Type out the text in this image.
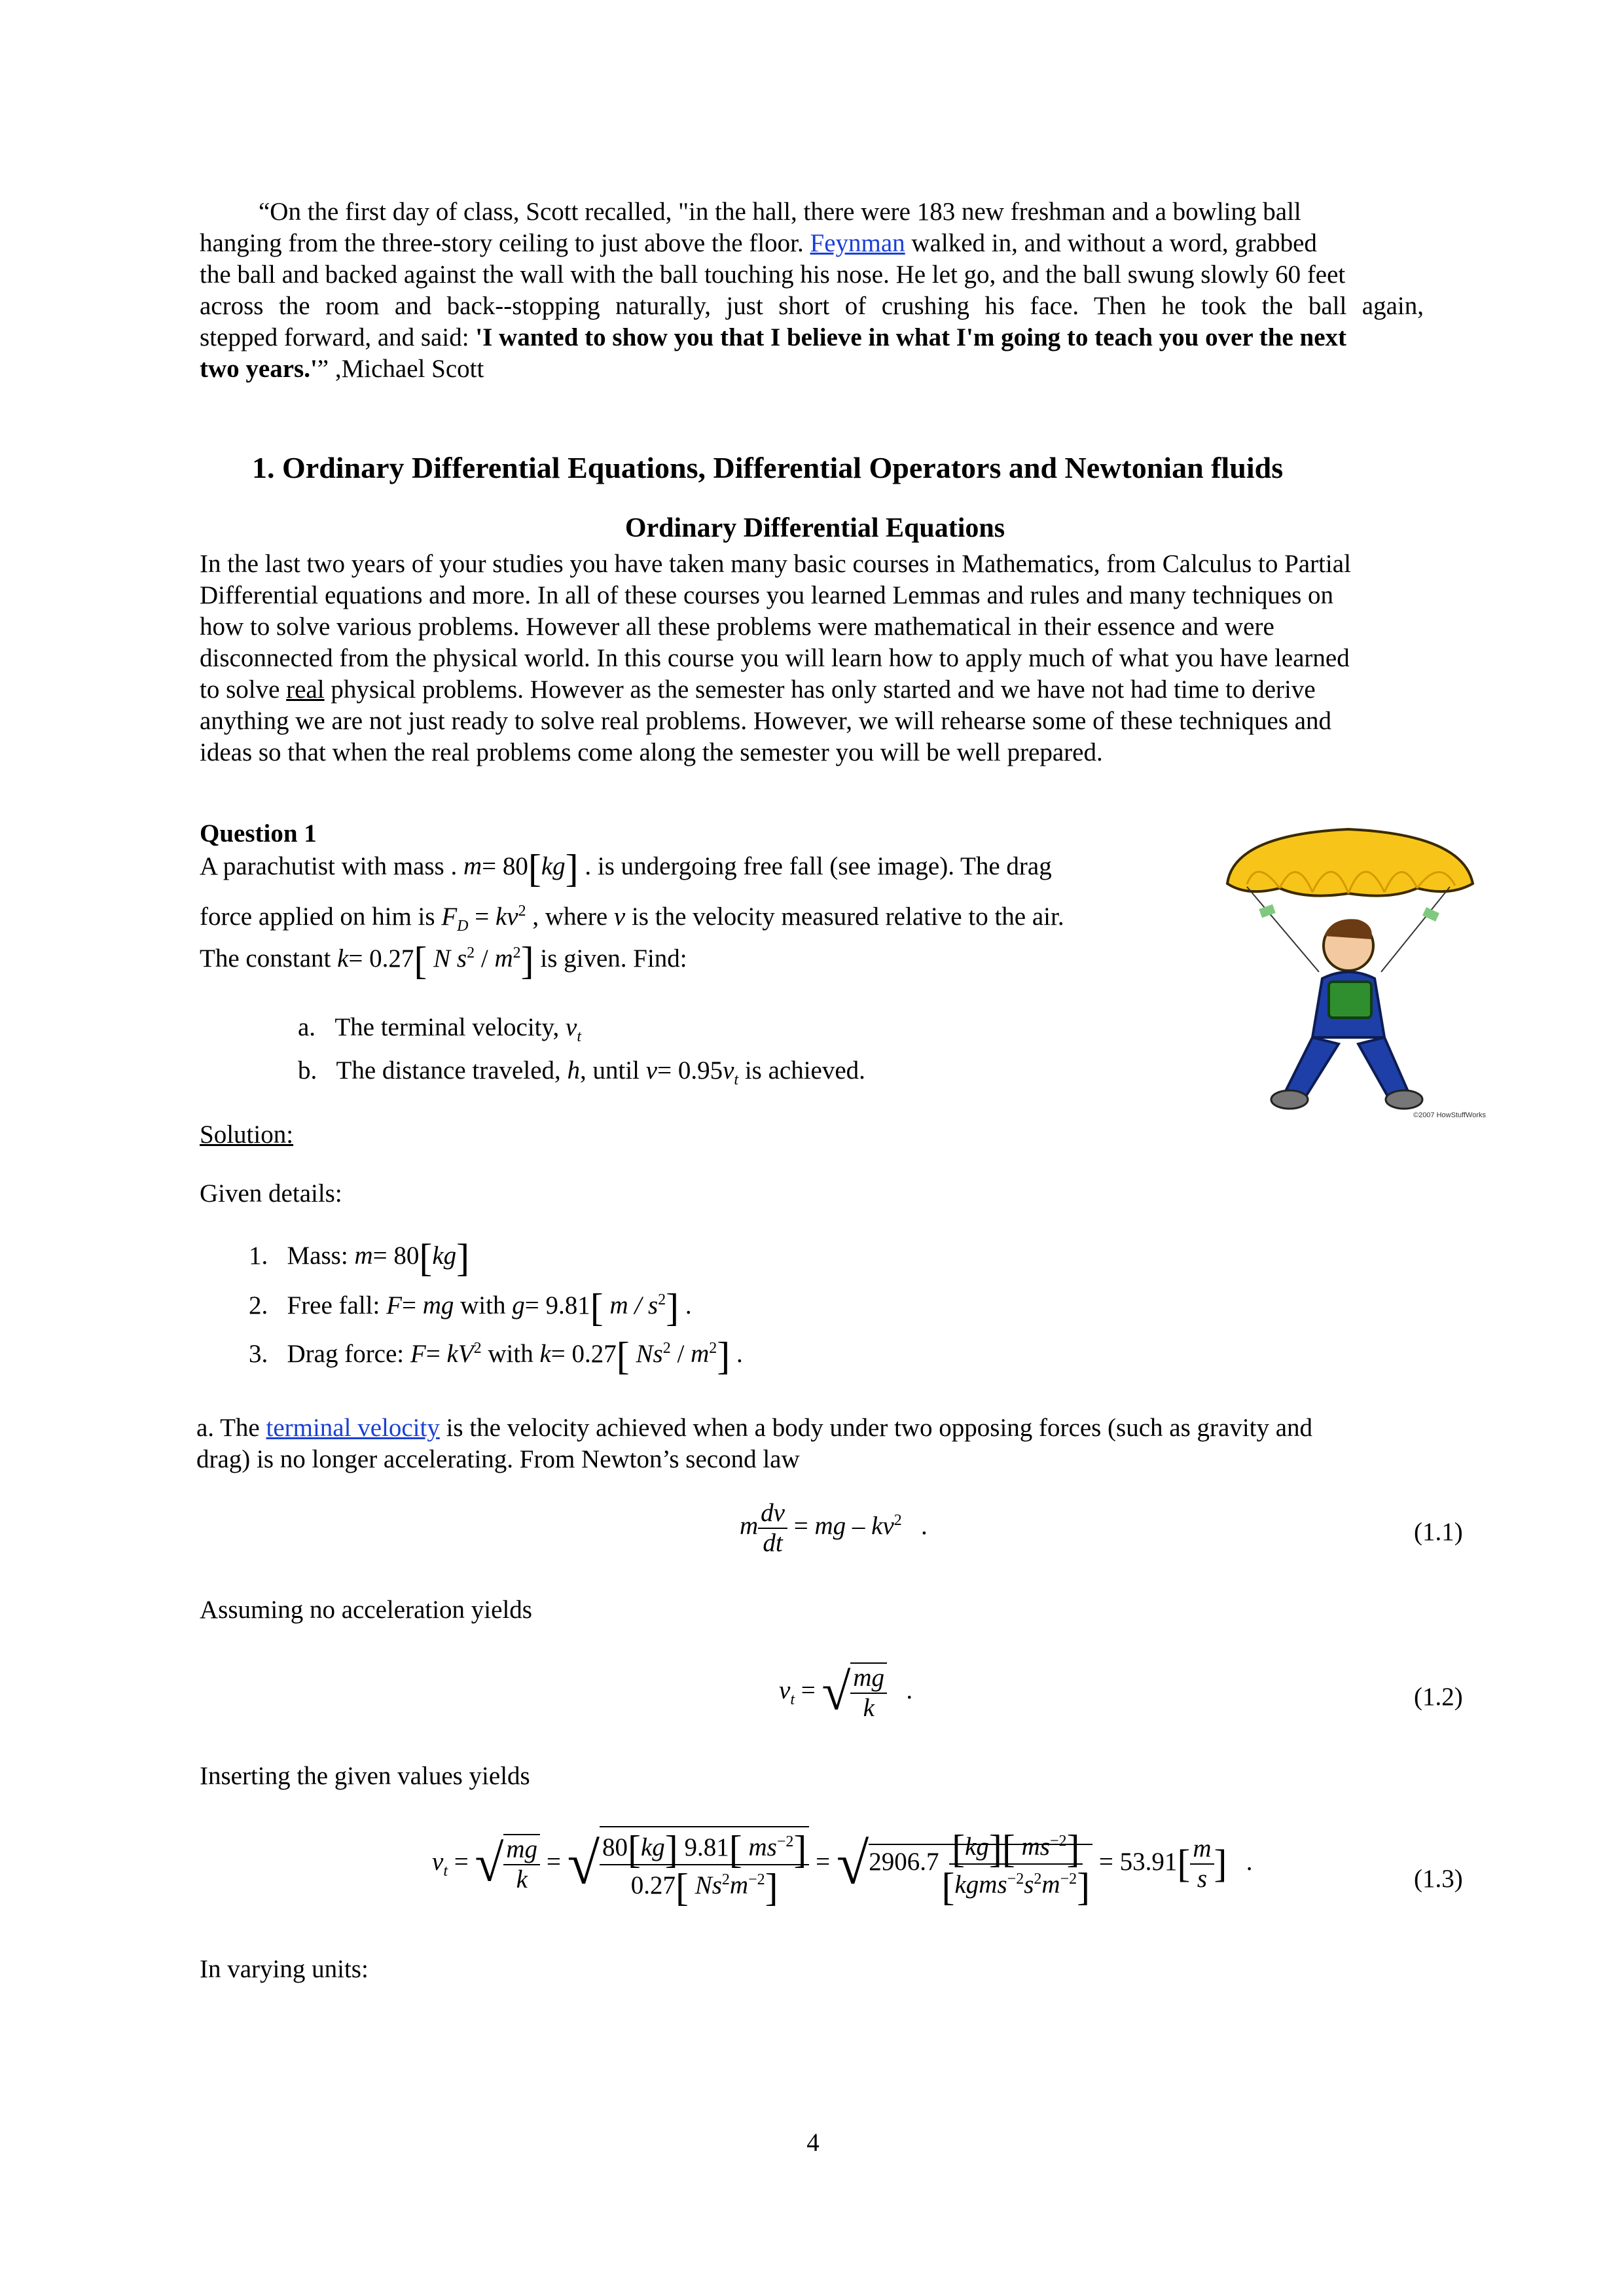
“On the first day of class, Scott recalled, "in the hall, there were 183 new freshman and a bowling ball
hanging from the three-story ceiling to just above the floor. Feynman walked in, and without a word, grabbed
the ball and backed against the wall with the ball touching his nose. He let go, and the ball swung slowly 60 feet
across the room and back--stopping naturally, just short of crushing his face. Then he took the ball again,
stepped forward, and said: 'I wanted to show you that I believe in what I'm going to teach you over the next
two years.'” ,Michael Scott
1. Ordinary Differential Equations, Differential Operators and Newtonian fluids
Ordinary Differential Equations
In the last two years of your studies you have taken many basic courses in Mathematics, from Calculus to Partial
Differential equations and more. In all of these courses you learned Lemmas and rules and many techniques on
how to solve various problems. However all these problems were mathematical in their essence and were
disconnected from the physical world. In this course you will learn how to apply much of what you have learned
to solve real physical problems. However as the semester has only started and we have not had time to derive
anything we are not just ready to solve real problems. However, we will rehearse some of these techniques and
ideas so that when the real problems come along the semester you will be well prepared.
Question 1
A parachutist with mass . m= 80[kg] . is undergoing free fall (see image). The drag
force applied on him is $F_D = kv^2$ , where v is the velocity measured relative to the air.
The constant k= 0.27[ N $s^2 / m^2$] is given. Find:
a. The terminal velocity, $v_t$
b. The distance traveled, h, until $v= 0.95v_t$ is achieved.
©2007 HowStuffWorks
Solution:
Given details:
1. Mass: m= 80[kg]
2. Free fall: F= mg with g= 9.81[ m / $s^2$] .
3. Drag force: $F= kV^2$ with k= 0.27[ $Ns^2 / m^2$] .
a. The terminal velocity is the velocity achieved when a body under two opposing forces (such as gravity and
drag) is no longer accelerating. From Newton’s second law
m $\frac{dv}{dt}$ = mg – $kv^2$   .	(1.1)
Assuming no acceleration yields
$v_t$ = √ $\frac{mg}{k}$ .	(1.2)
Inserting the given values yields
$v_t$ = √ $\frac{mg}{k}$ = √ $\frac{80[kg] 9.81[ ms^{-2}]}{0.27[ Ns^2m^{-2}]} = √2906.7 \frac{[kg][ ms^{-2}]}{[kgms^{-2}s^2m^{-2}]} = 53.91[ \frac{m}{s}$ ]   .
(1.3)
In varying units:
4
